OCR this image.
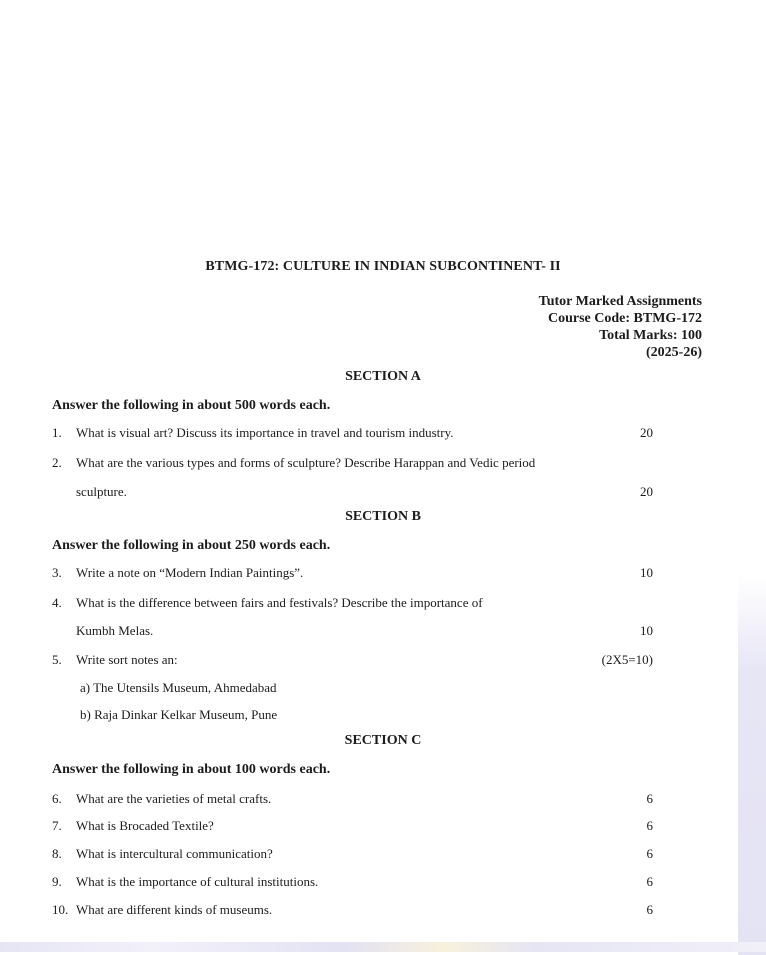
BTMG-172: CULTURE IN INDIAN SUBCONTINENT- II
Tutor Marked Assignments
Course Code: BTMG-172
Total Marks: 100
(2025-26)
SECTION A
Answer the following in about 500 words each.
1. What is visual art? Discuss its importance in travel and tourism industry.	20
2. What are the various types and forms of sculpture? Describe Harappan and Vedic period
sculpture.	20
SECTION B
Answer the following in about 250 words each.
3. Write a note on “Modern Indian Paintings”.	10
4. What is the difference between fairs and festivals? Describe the importance of
Kumbh Melas.	10
5. Write sort notes an:	(2X5=10)
a) The Utensils Museum, Ahmedabad
b) Raja Dinkar Kelkar Museum, Pune
SECTION C
Answer the following in about 100 words each.
6. What are the varieties of metal crafts.	6
7. What is Brocaded Textile?	6
8. What is intercultural communication?	6
9. What is the importance of cultural institutions.	6
10. What are different kinds of museums.	6
